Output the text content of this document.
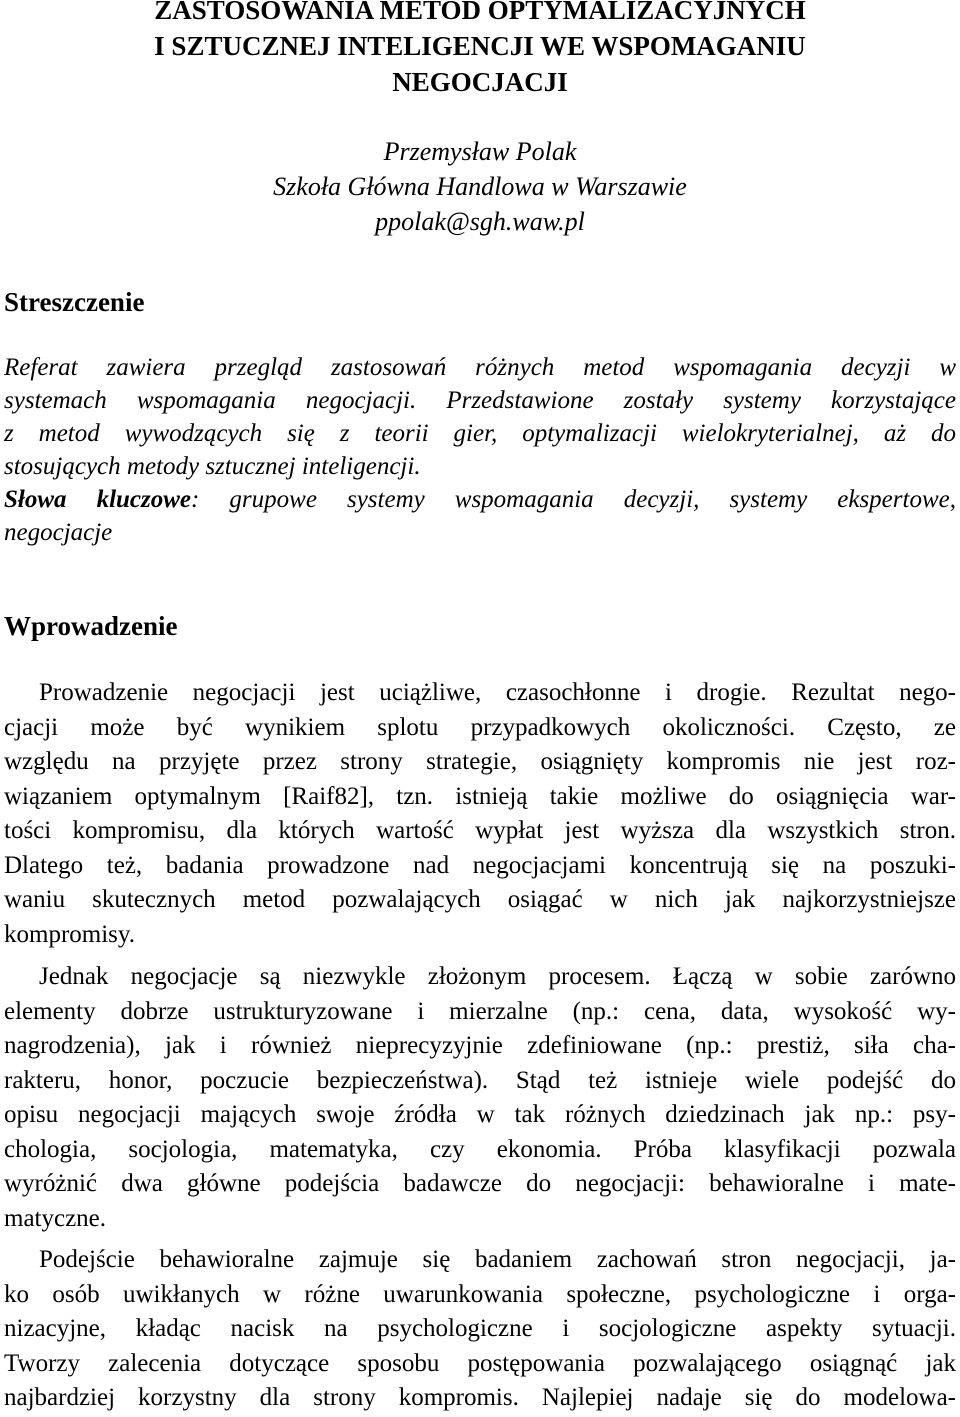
ZASTOSOWANIA METOD OPTYMALIZACYJNYCH
I SZTUCZNEJ INTELIGENCJI WE WSPOMAGANIU
NEGOCJACJI
Przemysław Polak
Szkoła Główna Handlowa w Warszawie
ppolak@sgh.waw.pl
Streszczenie
Referat zawiera przegląd zastosowań różnych metod wspomagania decyzji w
systemach wspomagania negocjacji. Przedstawione zostały systemy korzystające
z metod wywodzących się z teorii gier, optymalizacji wielokryterialnej, aż do
stosujących metody sztucznej inteligencji.
Słowa kluczowe: grupowe systemy wspomagania decyzji, systemy ekspertowe,
negocjacje
Wprowadzenie
Prowadzenie negocjacji jest uciążliwe, czasochłonne i drogie. Rezultat nego-
cjacji może być wynikiem splotu przypadkowych okoliczności. Często, ze
względu na przyjęte przez strony strategie, osiągnięty kompromis nie jest roz-
wiązaniem optymalnym [Raif82], tzn. istnieją takie możliwe do osiągnięcia war-
tości kompromisu, dla których wartość wypłat jest wyższa dla wszystkich stron.
Dlatego też, badania prowadzone nad negocjacjami koncentrują się na poszuki-
waniu skutecznych metod pozwalających osiągać w nich jak najkorzystniejsze
kompromisy.
Jednak negocjacje są niezwykle złożonym procesem. Łączą w sobie zarówno
elementy dobrze ustrukturyzowane i mierzalne (np.: cena, data, wysokość wy-
nagrodzenia), jak i również nieprecyzyjnie zdefiniowane (np.: prestiż, siła cha-
rakteru, honor, poczucie bezpieczeństwa). Stąd też istnieje wiele podejść do
opisu negocjacji mających swoje źródła w tak różnych dziedzinach jak np.: psy-
chologia, socjologia, matematyka, czy ekonomia. Próba klasyfikacji pozwala
wyróżnić dwa główne podejścia badawcze do negocjacji: behawioralne i mate-
matyczne.
Podejście behawioralne zajmuje się badaniem zachowań stron negocjacji, ja-
ko osób uwikłanych w różne uwarunkowania społeczne, psychologiczne i orga-
nizacyjne, kładąc nacisk na psychologiczne i socjologiczne aspekty sytuacji.
Tworzy zalecenia dotyczące sposobu postępowania pozwalającego osiągnąć jak
najbardziej korzystny dla strony kompromis. Najlepiej nadaje się do modelowa-
